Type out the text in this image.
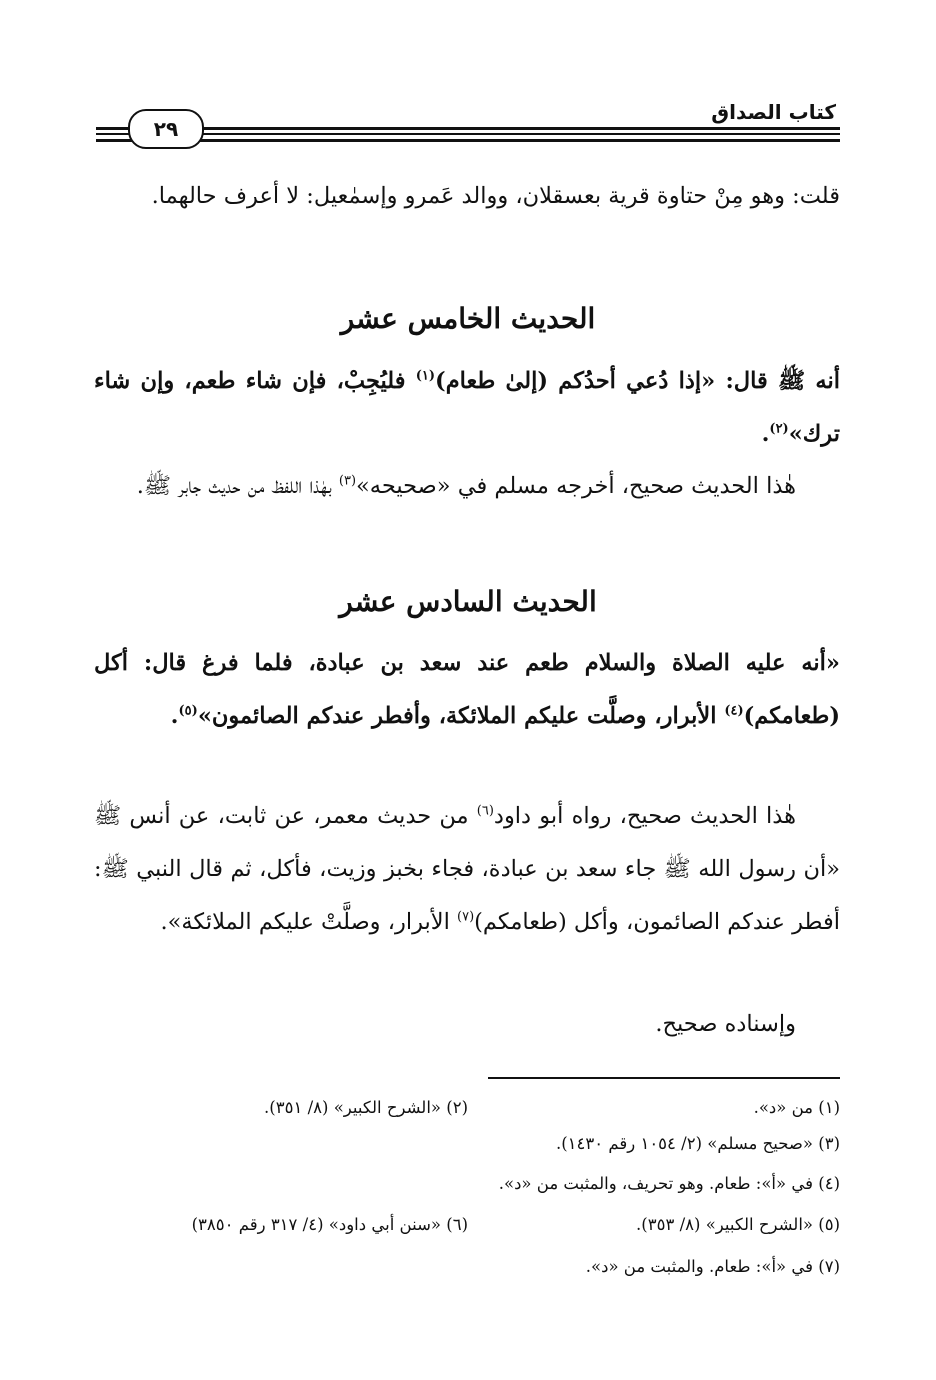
كتاب الصداق
٢٩
قلت: وهو مِنْ حتاوة قرية بعسقلان، ووالد عَمرو وإسمٰعيل: لا أعرف حالهما.
الحديث الخامس عشر
أنه ﷺ قال: «إذا دُعي أحدُكم (إلىٰ طعام)$^{(١)}$ فليُجِبْ، فإن شاء طعم، وإن شاء ترك»$^{(٢)}$.
هٰذا الحديث صحيح، أخرجه مسلم في «صحيحه»$^{(٣)}$ بهٰذا اللفظ من حديث جابر ﷺ.
الحديث السادس عشر
«أنه عليه الصلاة والسلام طعم عند سعد بن عبادة، فلما فرغ قال: أكل (طعامكم)$^{(٤)}$ الأبرار، وصلَّت عليكم الملائكة، وأفطر عندكم الصائمون»$^{(٥)}$.
هٰذا الحديث صحيح، رواه أبو داود$^{(٦)}$ من حديث معمر، عن ثابت، عن أنس ﷺ «أن رسول الله ﷺ جاء سعد بن عبادة، فجاء بخبز وزيت، فأكل، ثم قال النبي ﷺ: أفطر عندكم الصائمون، وأكل (طعامكم)$^{(٧)}$ الأبرار، وصلَّتْ عليكم الملائكة».
وإسناده صحيح.
(١) من «د».
(٢) «الشرح الكبير» (٨/ ٣٥١).
(٣) «صحيح مسلم» (٢/ ١٠٥٤ رقم ١٤٣٠).
(٤) في «أ»: طعام. وهو تحريف، والمثبت من «د».
(٥) «الشرح الكبير» (٨/ ٣٥٣).
(٦) «سنن أبي داود» (٤/ ٣١٧ رقم ٣٨٥٠)
(٧) في «أ»: طعام. والمثبت من «د».
